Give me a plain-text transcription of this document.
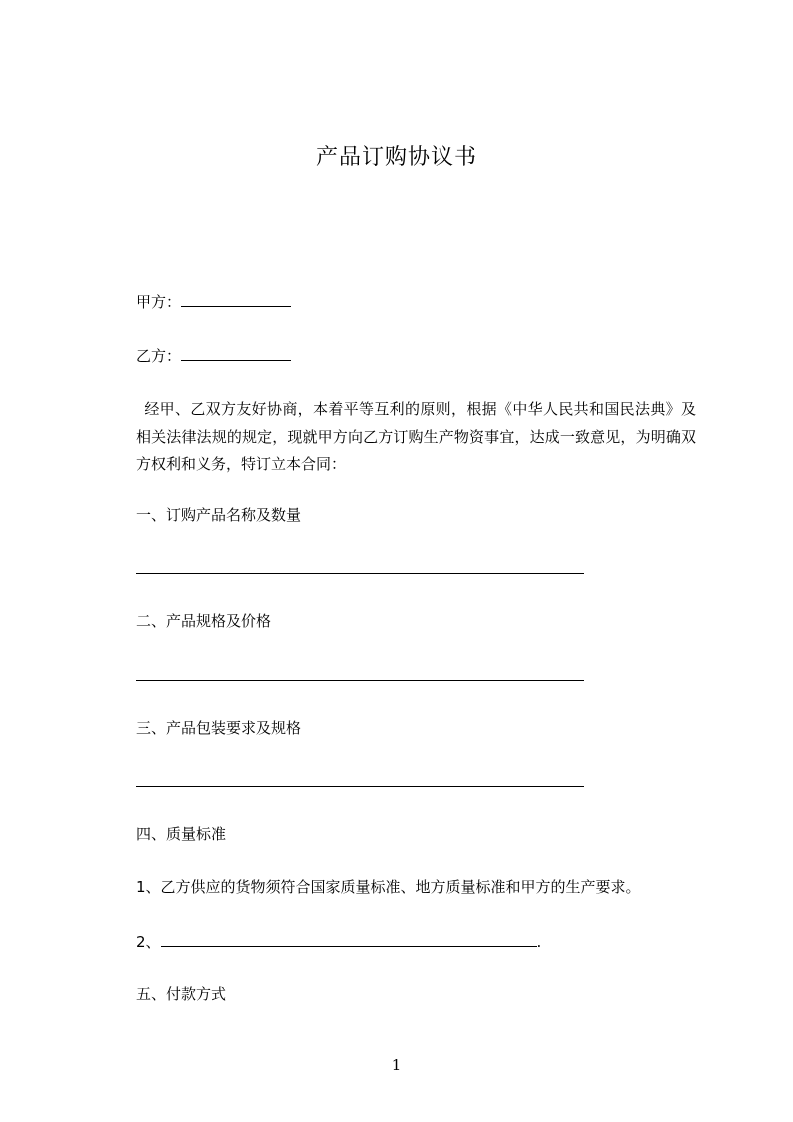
产品订购协议书
甲方：
乙方：
经甲、乙双方友好协商，本着平等互利的原则，根据《中华人民共和国民法典》及相关法律法规的规定，现就甲方向乙方订购生产物资事宜，达成一致意见，为明确双方权利和义务，特订立本合同：
一、订购产品名称及数量
二、产品规格及价格
三、产品包装要求及规格
四、质量标准
1、乙方供应的货物须符合国家质量标准、地方质量标准和甲方的生产要求。
2、	.
五、付款方式
1
